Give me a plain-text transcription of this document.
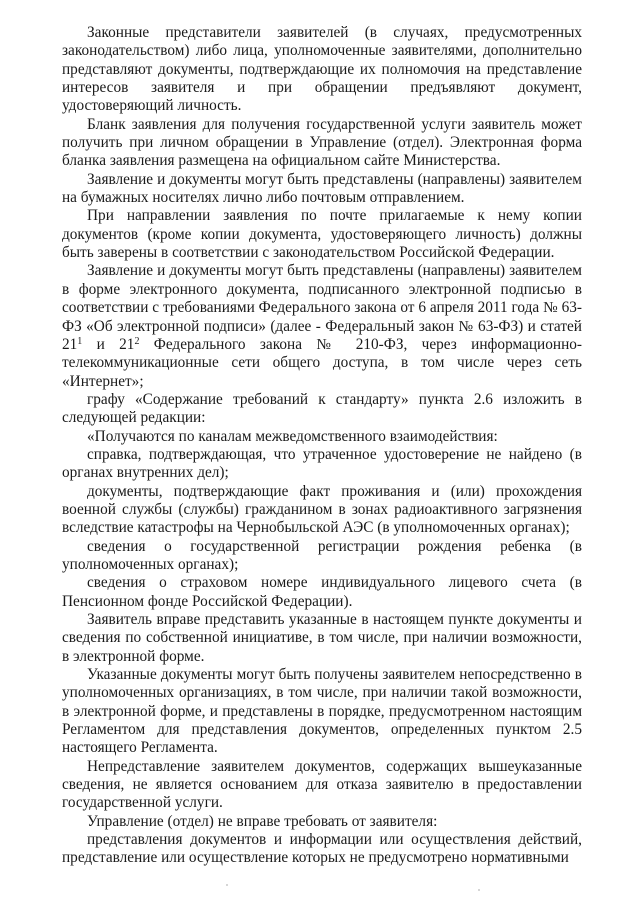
Законные представители заявителей (в случаях, предусмотренных законодательством) либо лица, уполномоченные заявителями, дополнительно представляют документы, подтверждающие их полномочия на представление интересов заявителя и при обращении предъявляют документ, удостоверяющий личность.

Бланк заявления для получения государственной услуги заявитель может получить при личном обращении в Управление (отдел). Электронная форма бланка заявления размещена на официальном сайте Министерства.

Заявление и документы могут быть представлены (направлены) заявителем на бумажных носителях лично либо почтовым отправлением.

При направлении заявления по почте прилагаемые к нему копии документов (кроме копии документа, удостоверяющего личность) должны быть заверены в соответствии с законодательством Российской Федерации.

Заявление и документы могут быть представлены (направлены) заявителем в форме электронного документа, подписанного электронной подписью в соответствии с требованиями Федерального закона от 6 апреля 2011 года № 63-ФЗ «Об электронной подписи» (далее - Федеральный закон № 63-ФЗ) и статей $21^1$ и $21^2$ Федерального закона № 210-ФЗ, через информационно-телекоммуникационные сети общего доступа, в том числе через сеть «Интернет»;

графу «Содержание требований к стандарту» пункта 2.6 изложить в следующей редакции:

«Получаются по каналам межведомственного взаимодействия:

справка, подтверждающая, что утраченное удостоверение не найдено (в органах внутренних дел);

документы, подтверждающие факт проживания и (или) прохождения военной службы (службы) гражданином в зонах радиоактивного загрязнения вследствие катастрофы на Чернобыльской АЭС (в уполномоченных органах);

сведения о государственной регистрации рождения ребенка (в уполномоченных органах);

сведения о страховом номере индивидуального лицевого счета (в Пенсионном фонде Российской Федерации).

Заявитель вправе представить указанные в настоящем пункте документы и сведения по собственной инициативе, в том числе, при наличии возможности, в электронной форме.

Указанные документы могут быть получены заявителем непосредственно в уполномоченных организациях, в том числе, при наличии такой возможности, в электронной форме, и представлены в порядке, предусмотренном настоящим Регламентом для представления документов, определенных пунктом 2.5 настоящего Регламента.

Непредставление заявителем документов, содержащих вышеуказанные сведения, не является основанием для отказа заявителю в предоставлении государственной услуги.

Управление (отдел) не вправе требовать от заявителя:

представления документов и информации или осуществления действий, представление или осуществление которых не предусмотрено нормативными
